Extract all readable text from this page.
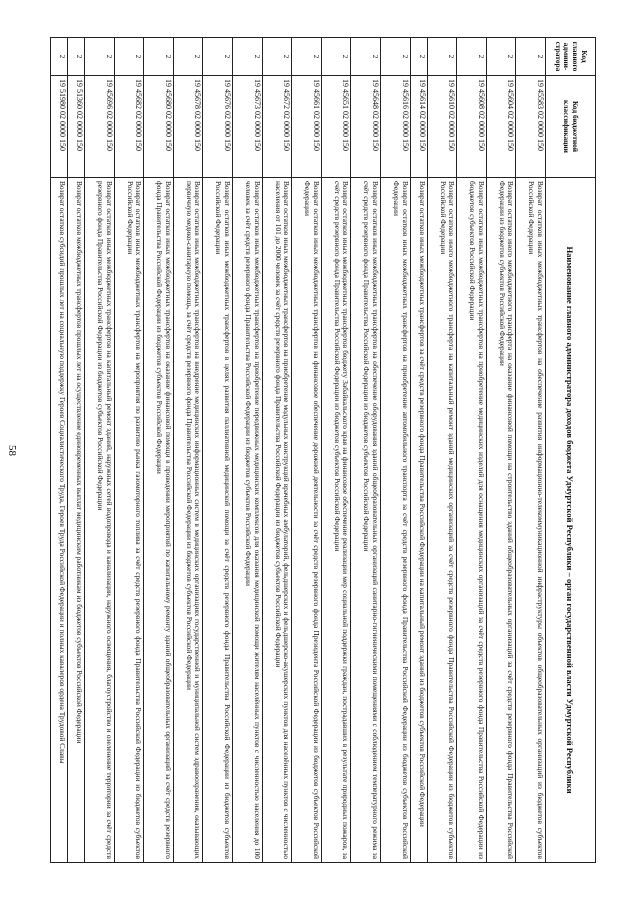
58
Код главного админи-стратора	Код бюджетной классификации	Наименование главного администратора доходов бюджета Удмуртской Республики – орган государственной власти Удмуртской Республики
2	19 45583 02 0000 150	Возврат остатков иных межбюджетных трансфертов на обеспечение развития информационно-телекоммуникационной инфраструктуры объектов общеобразовательных организаций из бюджетов субъектов Российской Федерации
2	19 45604 02 0000 150	Возврат остатков иного межбюджетного трансферта на оказание финансовой помощи на строительство зданий общеобразовательных организаций за счёт средств резервного фонда Правительства Российской Федерации из бюджетов субъектов Российской Федерации
2	19 45608 02 0000 150	Возврат остатков иных межбюджетных трансфертов на приобретение медицинских изделий для оснащения медицинских организаций за счёт средств резервного фонда Правительства Российской Федерации из бюджетов субъектов Российской Федерации
2	19 45610 02 0000 150	Возврат остатков иного межбюджетного трансферта на капитальный ремонт зданий медицинских организаций за счёт средств резервного фонда Правительства Российской Федерации из бюджетов субъектов Российской Федерации
2	19 45614 02 0000 150	Возврат остатков иных межбюджетных трансфертов за счёт средств резервного фонда Правительства Российской Федерации на капитальный ремонт зданий из бюджетов субъектов Российской Федерации
2	19 45616 02 0000 150	Возврат остатков иных межбюджетных трансфертов на приобретение автомобильного транспорта за счёт средств резервного фонда Правительства Российской Федерации из бюджетов субъектов Российской Федерации
2	19 45648 02 0000 150	Возврат остатков иных межбюджетных трансфертов на обеспечение оборудования зданий общеобразовательных организаций санитарно-гигиеническими помещениями с соблюдением температурного режима за счёт средств резервного фонда Правительства Российской Федерации из бюджетов субъектов Российской Федерации
2	19 45651 02 0000 150	Возврат остатков иных межбюджетных трансфертов бюджету Забайкальского края на финансовое обеспечение реализации мер социальной поддержки граждан, пострадавших в результате природных пожаров, за счёт средств резервного фонда Правительства Российской Федерации из бюджетов субъектов Российской Федерации
2	19 45661 02 0000 150	Возврат остатков иных межбюджетных трансфертов на финансовое обеспечение дорожной деятельности за счёт средств резервного фонда Президента Российской Федерации из бюджетов субъектов Российской Федерации
2	19 45672 02 0000 150	Возврат остатков иных межбюджетных трансфертов на приобретение модульных конструкций врачебных амбулаторий, фельдшерских и фельдшерско-акушерских пунктов для населённых пунктов с численностью населения от 101 до 2000 человек за счёт средств резервного фонда Правительства Российской Федерации из бюджетов субъектов Российской Федерации
2	19 45673 02 0000 150	Возврат остатков иных межбюджетных трансфертов на приобретение передвижных медицинских комплексов для оказания медицинской помощи жителям населённых пунктов с численностью населения до 100 человек за счёт средств резервного фонда Правительства Российской Федерации из бюджетов субъектов Российской Федерации
2	19 45676 02 0000 150	Возврат остатков иных межбюджетных трансфертов в целях развития паллиативной медицинской помощи за счёт средств резервного фонда Правительства Российской Федерации из бюджетов субъектов Российской Федерации
2	19 45678 02 0000 150	Возврат остатков иных межбюджетных трансфертов на внедрение медицинских информационных систем в медицинских организациях государственной и муниципальной систем здравоохранения, оказывающих первичную медико-санитарную помощь, за счёт средств резервного фонда Правительства Российской Федерации из бюджетов субъектов Российской Федерации
2	19 45680 02 0000 150	Возврат остатков иных межбюджетных трансфертов на оказание финансовой помощи в проведении мероприятий по капитальному ремонту зданий общеобразовательных организаций за счёт средств резервного фонда Правительства Российской Федерации из бюджетов субъектов Российской Федерации
2	19 45682 02 0000 150	Возврат остатков иных межбюджетных трансфертов на мероприятия по развитию рынка газомоторного топлива за счёт средств резервного фонда Правительства Российской Федерации из бюджетов субъектов Российской Федерации
2	19 45696 02 0000 150	Возврат остатков иных межбюджетных трансфертов на капитальный ремонт зданий, наружных сетей водопровода и канализации, наружного освещения, благоустройство и озеленение территории за счёт средств резервного фонда Правительства Российской Федерации из бюджетов субъектов Российской Федерации
2	19 51360 02 0000 150	Возврат остатков межбюджетных трансфертов прошлых лет на осуществление единовременных выплат медицинским работникам из бюджетов субъектов Российской Федерации
2	19 51980 02 0000 150	Возврат остатков субсидий прошлых лет на социальную поддержку Героев Социалистического Труда, Героев Труда Российской Федерации и полных кавалеров ордена Трудовой Славы
